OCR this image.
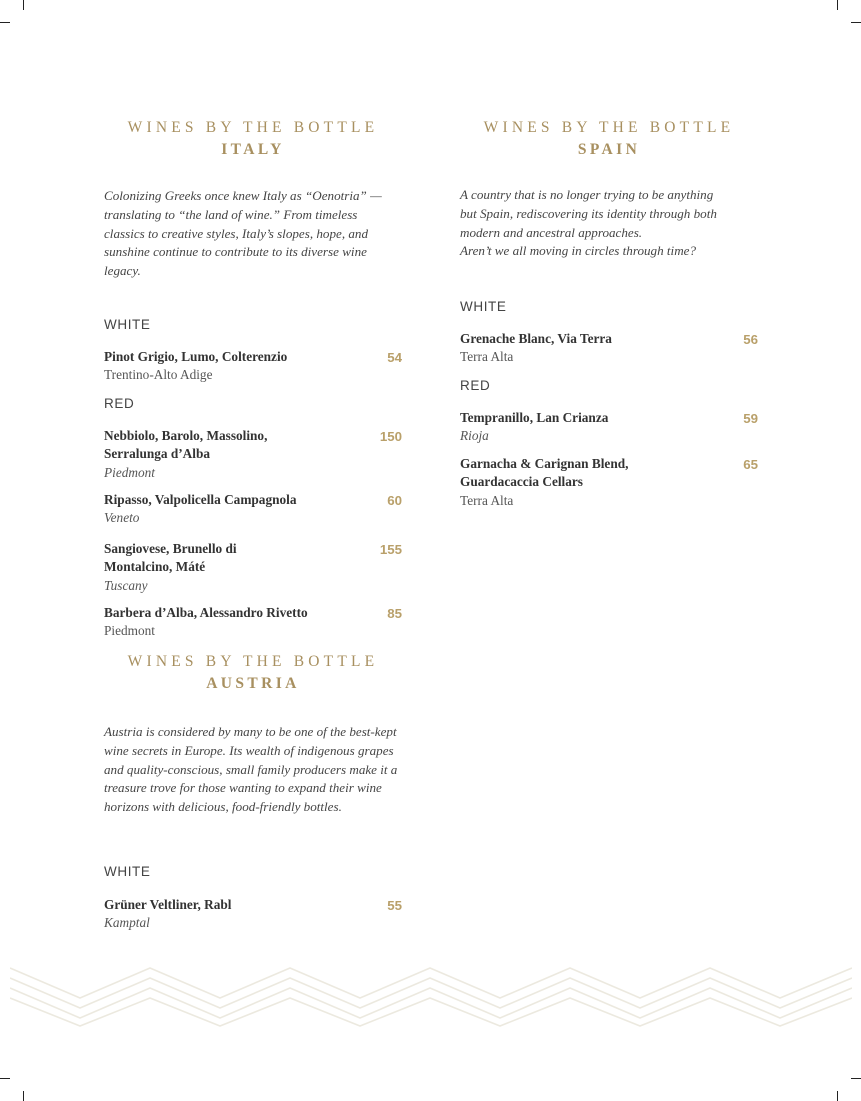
WINES BY THE BOTTLE
ITALY

Colonizing Greeks once knew Italy as “Oenotria” — translating to “the land of wine.” From timeless classics to creative styles, Italy’s slopes, hope, and sunshine continue to contribute to its diverse wine legacy.

WHITE
Pinot Grigio, Lumo, Colterenzio
Trentino-Alto Adige
54
RED
Nebbiolo, Barolo, Massolino, Serralunga d’Alba
Piedmont
150
Ripasso, Valpolicella Campagnola
Veneto
60
Sangiovese, Brunello di Montalcino, Máté
Tuscany
155
Barbera d’Alba, Alessandro Rivetto
Piedmont
85
WINES BY THE BOTTLE
AUSTRIA

Austria is considered by many to be one of the best-kept wine secrets in Europe. Its wealth of indigenous grapes and quality-conscious, small family producers make it a treasure trove for those wanting to expand their wine horizons with delicious, food-friendly bottles.

WHITE
Grüner Veltliner, Rabl
Kamptal
55
WINES BY THE BOTTLE
SPAIN
A country that is no longer trying to be anything
but Spain, rediscovering its identity through both
modern and ancestral approaches.
Aren’t we all moving in circles through time?
WHITE
Grenache Blanc, Via Terra
Terra Alta
56
RED
Tempranillo, Lan Crianza
Rioja
59
Garnacha & Carignan Blend, Guardacaccia Cellars
Terra Alta
65
